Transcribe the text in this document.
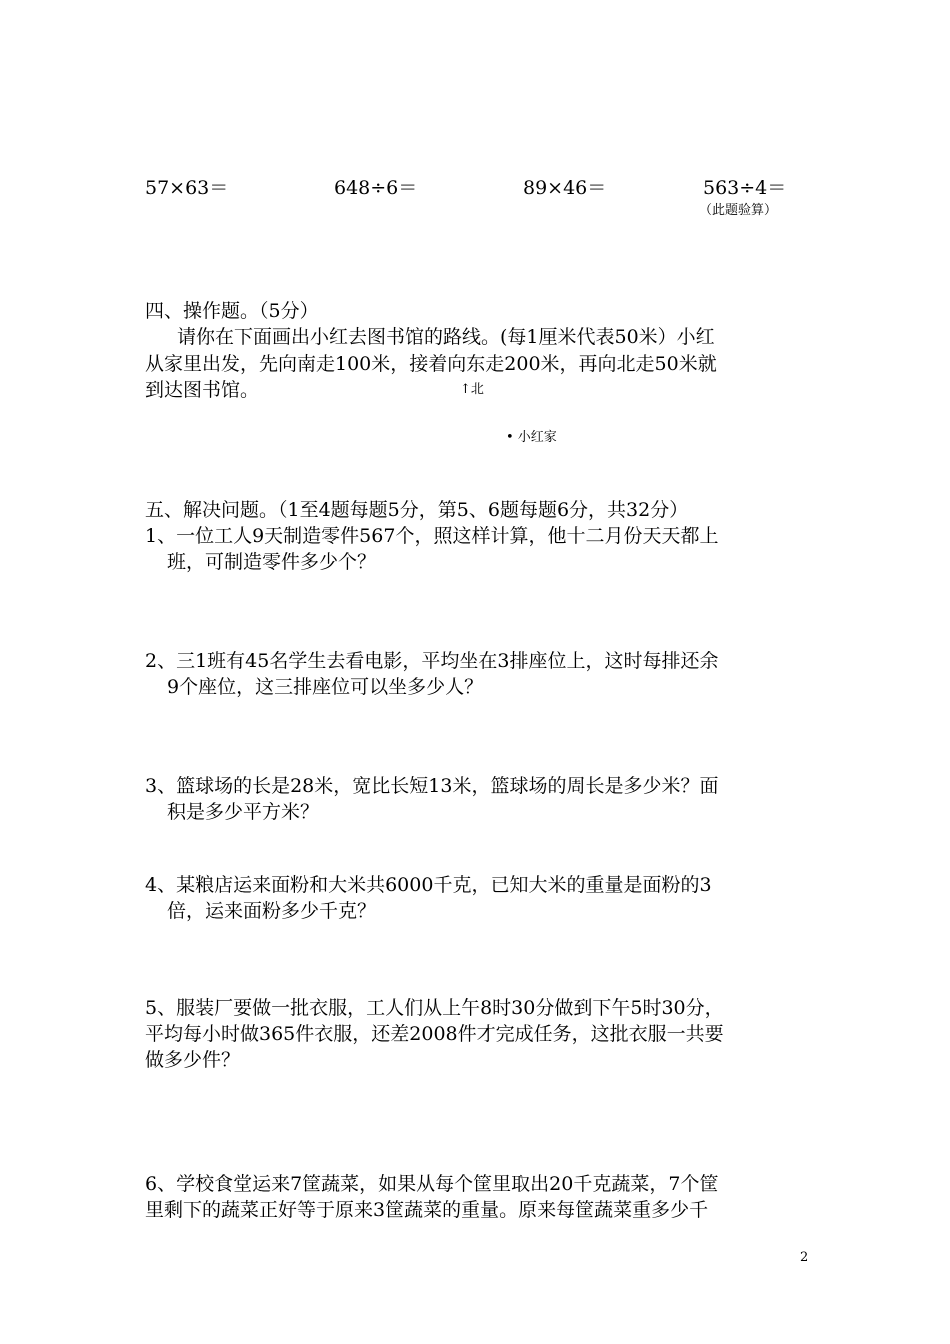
57×63＝	648÷6＝	89×46＝	563÷4＝
（此题验算）
四、操作题。（5分）
请你在下面画出小红去图书馆的路线。(每1厘米代表50米）小红
从家里出发，先向南走100米，接着向东走200米，再向北走50米就
到达图书馆。	↑北
• 小红家
五、解决问题。（1至4题每题5分，第5、6题每题6分，共32分）
1、一位工人9天制造零件567个，照这样计算，他十二月份天天都上
班，可制造零件多少个？
2、三1班有45名学生去看电影，平均坐在3排座位上，这时每排还余
9个座位，这三排座位可以坐多少人？
3、篮球场的长是28米，宽比长短13米，篮球场的周长是多少米？面
积是多少平方米？
4、某粮店运来面粉和大米共6000千克，已知大米的重量是面粉的3
倍，运来面粉多少千克？
5、服装厂要做一批衣服，工人们从上午8时30分做到下午5时30分，
平均每小时做365件衣服，还差2008件才完成任务，这批衣服一共要
做多少件？
6、学校食堂运来7筐蔬菜，如果从每个筐里取出20千克蔬菜，7个筐
里剩下的蔬菜正好等于原来3筐蔬菜的重量。原来每筐蔬菜重多少千
2
